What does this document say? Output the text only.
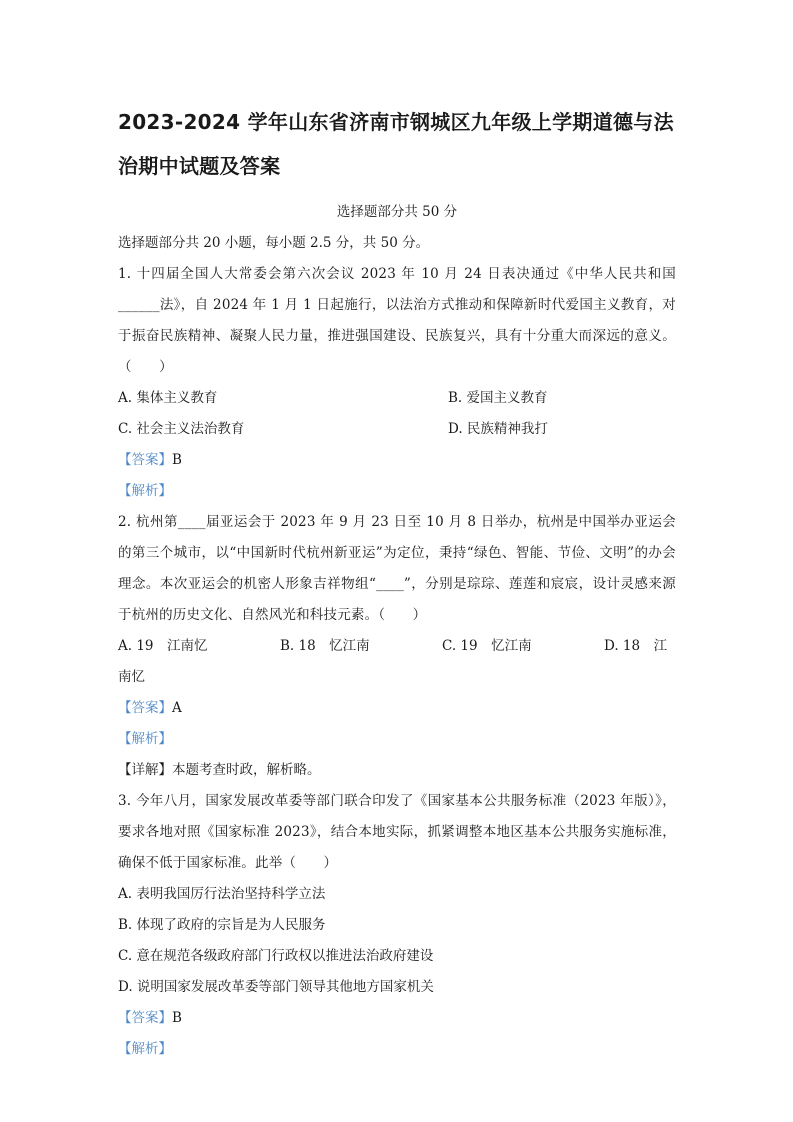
2023-2024 学年山东省济南市钢城区九年级上学期道德与法
治期中试题及答案
选择题部分共 50 分
选择题部分共 20 小题，每小题 2.5 分，共 50 分。
1. 十四届全国人大常委会第六次会议 2023 年 10 月 24 日表决通过《中华人民共和国______法》，自 2024 年 1 月 1 日起施行，以法治方式推动和保障新时代爱国主义教育，对于振奋民族精神、凝聚人民力量，推进强国建设、民族复兴，具有十分重大而深远的意义。（　　）
A. 集体主义教育	B. 爱国主义教育
C. 社会主义法治教育	D. 民族精神我打
【答案】B
【解析】
2. 杭州第____届亚运会于 2023 年 9 月 23 日至 10 月 8 日举办，杭州是中国举办亚运会的第三个城市，以“中国新时代杭州新亚运”为定位，秉持“绿色、智能、节俭、文明”的办会理念。本次亚运会的机密人形象吉祥物组“____”，分别是琮琮、莲莲和宸宸，设计灵感来源于杭州的历史文化、自然风光和科技元素。（　　）
A. 19　江南忆	B. 18　忆江南	C. 19　忆江南	D. 18　江
南忆
【答案】A
【解析】
【详解】本题考查时政，解析略。
3. 今年八月，国家发展改革委等部门联合印发了《国家基本公共服务标准（2023 年版）》，要求各地对照《国家标准 2023》，结合本地实际，抓紧调整本地区基本公共服务实施标准，确保不低于国家标准。此举（　　）
A. 表明我国厉行法治坚持科学立法
B. 体现了政府的宗旨是为人民服务
C. 意在规范各级政府部门行政权以推进法治政府建设
D. 说明国家发展改革委等部门领导其他地方国家机关
【答案】B
【解析】
